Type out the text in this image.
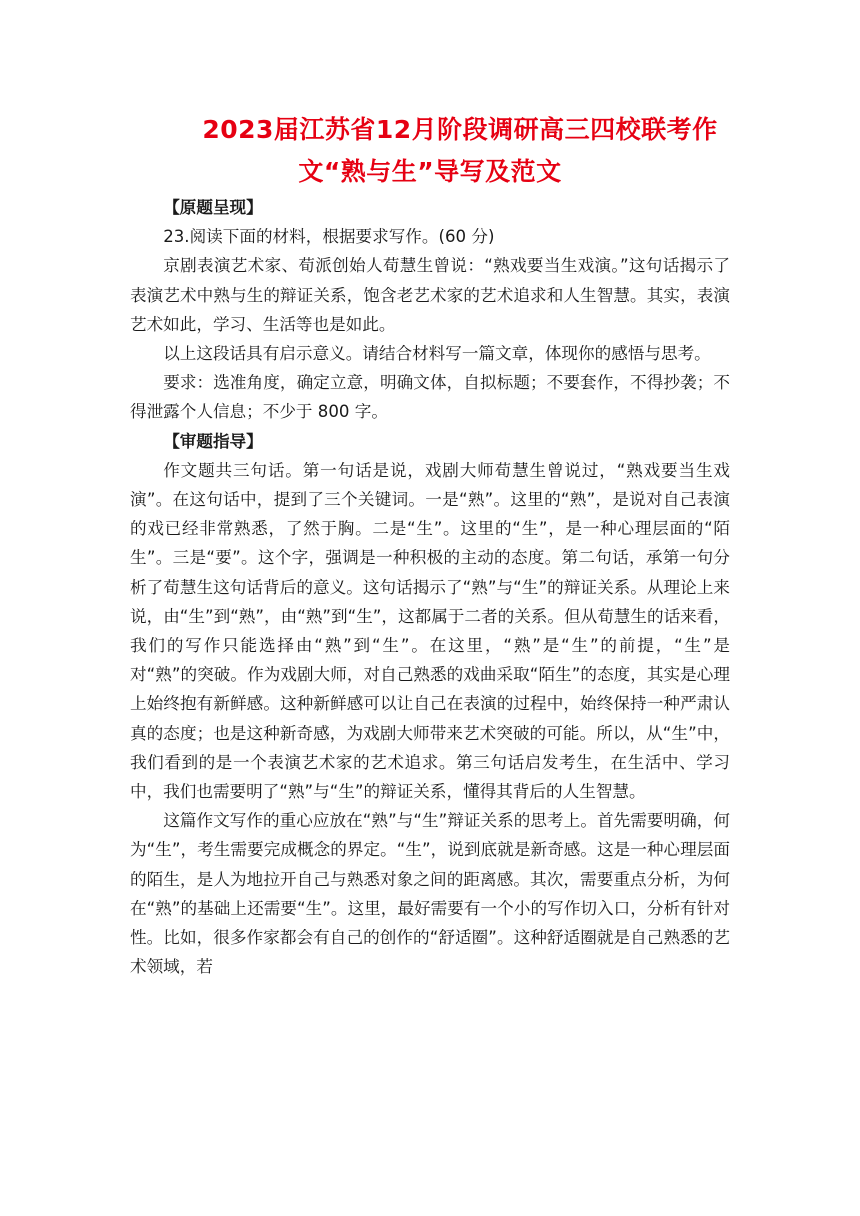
2023届江苏省12月阶段调研高三四校联考作
文“熟与生”导写及范文

【原题呈现】

23.阅读下面的材料，根据要求写作。(60 分)

京剧表演艺术家、荀派创始人荀慧生曾说：“熟戏要当生戏演。”这句话揭示了表演艺术中熟与生的辩证关系，饱含老艺术家的艺术追求和人生智慧。其实，表演艺术如此，学习、生活等也是如此。

以上这段话具有启示意义。请结合材料写一篇文章，体现你的感悟与思考。

要求：选准角度，确定立意，明确文体，自拟标题；不要套作，不得抄袭；不得泄露个人信息；不少于 800 字。

【审题指导】

作文题共三句话。第一句话是说，戏剧大师荀慧生曾说过，“熟戏要当生戏演”。在这句话中，提到了三个关键词。一是“熟”。这里的“熟”，是说对自己表演的戏已经非常熟悉，了然于胸。二是“生”。这里的“生”，是一种心理层面的“陌生”。三是“要”。这个字，强调是一种积极的主动的态度。第二句话，承第一句分析了荀慧生这句话背后的意义。这句话揭示了“熟”与“生”的辩证关系。从理论上来说，由“生”到“熟”，由“熟”到“生”，这都属于二者的关系。但从荀慧生的话来看，我们的写作只能选择由“熟”到“生”。在这里，“熟”是“生”的前提，“生”是对“熟”的突破。作为戏剧大师，对自己熟悉的戏曲采取“陌生”的态度，其实是心理上始终抱有新鲜感。这种新鲜感可以让自己在表演的过程中，始终保持一种严肃认真的态度；也是这种新奇感，为戏剧大师带来艺术突破的可能。所以，从“生”中，我们看到的是一个表演艺术家的艺术追求。第三句话启发考生，在生活中、学习中，我们也需要明了“熟”与“生”的辩证关系，懂得其背后的人生智慧。

这篇作文写作的重心应放在“熟”与“生”辩证关系的思考上。首先需要明确，何为“生”，考生需要完成概念的界定。“生”，说到底就是新奇感。这是一种心理层面的陌生，是人为地拉开自己与熟悉对象之间的距离感。其次，需要重点分析，为何在“熟”的基础上还需要“生”。这里，最好需要有一个小的写作切入口，分析有针对性。比如，很多作家都会有自己的创作的“舒适圈”。这种舒适圈就是自己熟悉的艺术领域，若
